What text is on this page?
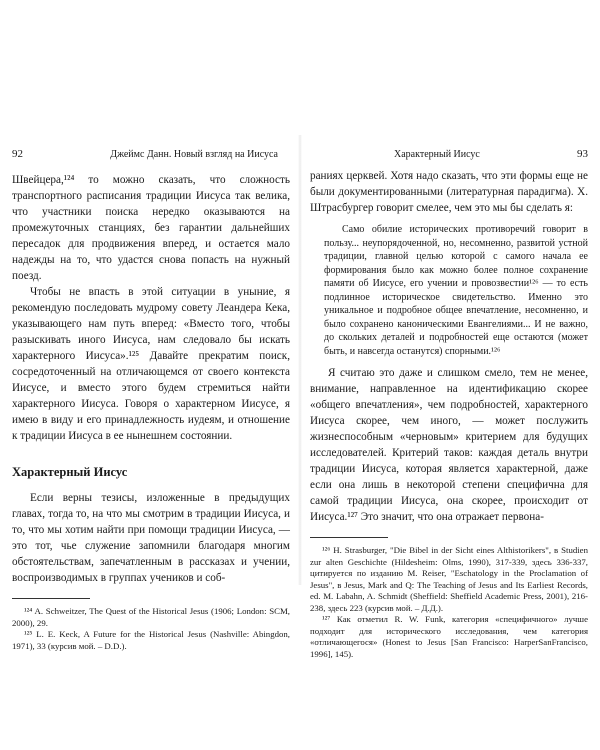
92	Джеймс Данн. Новый взгляд на Иисуса

Швейцера,¹²⁴ то можно сказать, что сложность транспортного расписания традиции Иисуса так велика, что участники поиска нередко оказываются на промежуточных станциях, без гарантии дальнейших пересадок для продвижения вперед, и остается мало надежды на то, что удастся снова попасть на нужный поезд.

Чтобы не впасть в этой ситуации в уныние, я рекомендую последовать мудрому совету Леандера Кека, указывающего нам путь вперед: «Вместо того, чтобы разыскивать иного Иисуса, нам следовало бы искать характерного Иисуса».¹²⁵ Давайте прекратим поиск, сосредоточенный на отличающемся от своего контекста Иисусе, и вместо этого будем стремиться найти характерного Иисуса. Говоря о характерном Иисусе, я имею в виду и его принадлежность иудеям, и отношение к традиции Иисуса в ее нынешнем состоянии.

Характерный Иисус

Если верны тезисы, изложенные в предыдущих главах, тогда то, на что мы смотрим в традиции Иисуса, и то, что мы хотим найти при помощи традиции Иисуса, — это тот, чье служение запомнили благодаря многим обстоятельствам, запечатленным в рассказах и учении, воспроизводимых в группах учеников и соб-

¹²⁴ A. Schweitzer, The Quest of the Historical Jesus (1906; London: SCM, 2000), 29.

¹²⁵ L. E. Keck, A Future for the Historical Jesus (Nashville: Abingdon, 1971), 33 (курсив мой. – D.D.).

Характерный Иисус	93

раниях церквей. Хотя надо сказать, что эти формы еще не были документированными (литературная парадигма). Х. Штрасбургер говорит смелее, чем это мы бы сделать я:

Само обилие исторических противоречий говорит в пользу... неупорядоченной, но, несомненно, развитой устной традиции, главной целью которой с самого начала ее формирования было как можно более полное сохранение памяти об Иисусе, его учении и провозвестии¹²⁶ — то есть подлинное историческое свидетельство. Именно это уникальное и подробное общее впечатление, несомненно, и было сохранено каноническими Евангелиями... И не важно, до скольких деталей и подробностей еще остаются (может быть, и навсегда останутся) спорными.¹²⁶

Я считаю это даже и слишком смело, тем не менее, внимание, направленное на идентификацию скорее «общего впечатления», чем подробностей, характерного Иисуса скорее, чем иного, — может послужить жизнеспособным «черновым» критерием для будущих исследователей. Критерий таков: каждая деталь внутри традиции Иисуса, которая является характерной, даже если она лишь в некоторой степени специфична для самой традиции Иисуса, она скорее, происходит от Иисуса.¹²⁷ Это значит, что она отражает первона-

¹²⁶ H. Strasburger, "Die Bibel in der Sicht eines Althistorikers", в Studien zur alten Geschichte (Hildesheim: Olms, 1990), 317-339, здесь 336-337, цитируется по изданию M. Reiser, "Eschatology in the Proclamation of Jesus", в Jesus, Mark and Q: The Teaching of Jesus and Its Earliest Records, ed. M. Labahn, A. Schmidt (Sheffield: Sheffield Academic Press, 2001), 216-238, здесь 223 (курсив мой. – Д.Д.).

¹²⁷ Как отметил R. W. Funk, категория «специфичного» лучше подходит для исторического исследования, чем категория «отличающегося» (Honest to Jesus [San Francisco: HarperSanFrancisco, 1996], 145).
